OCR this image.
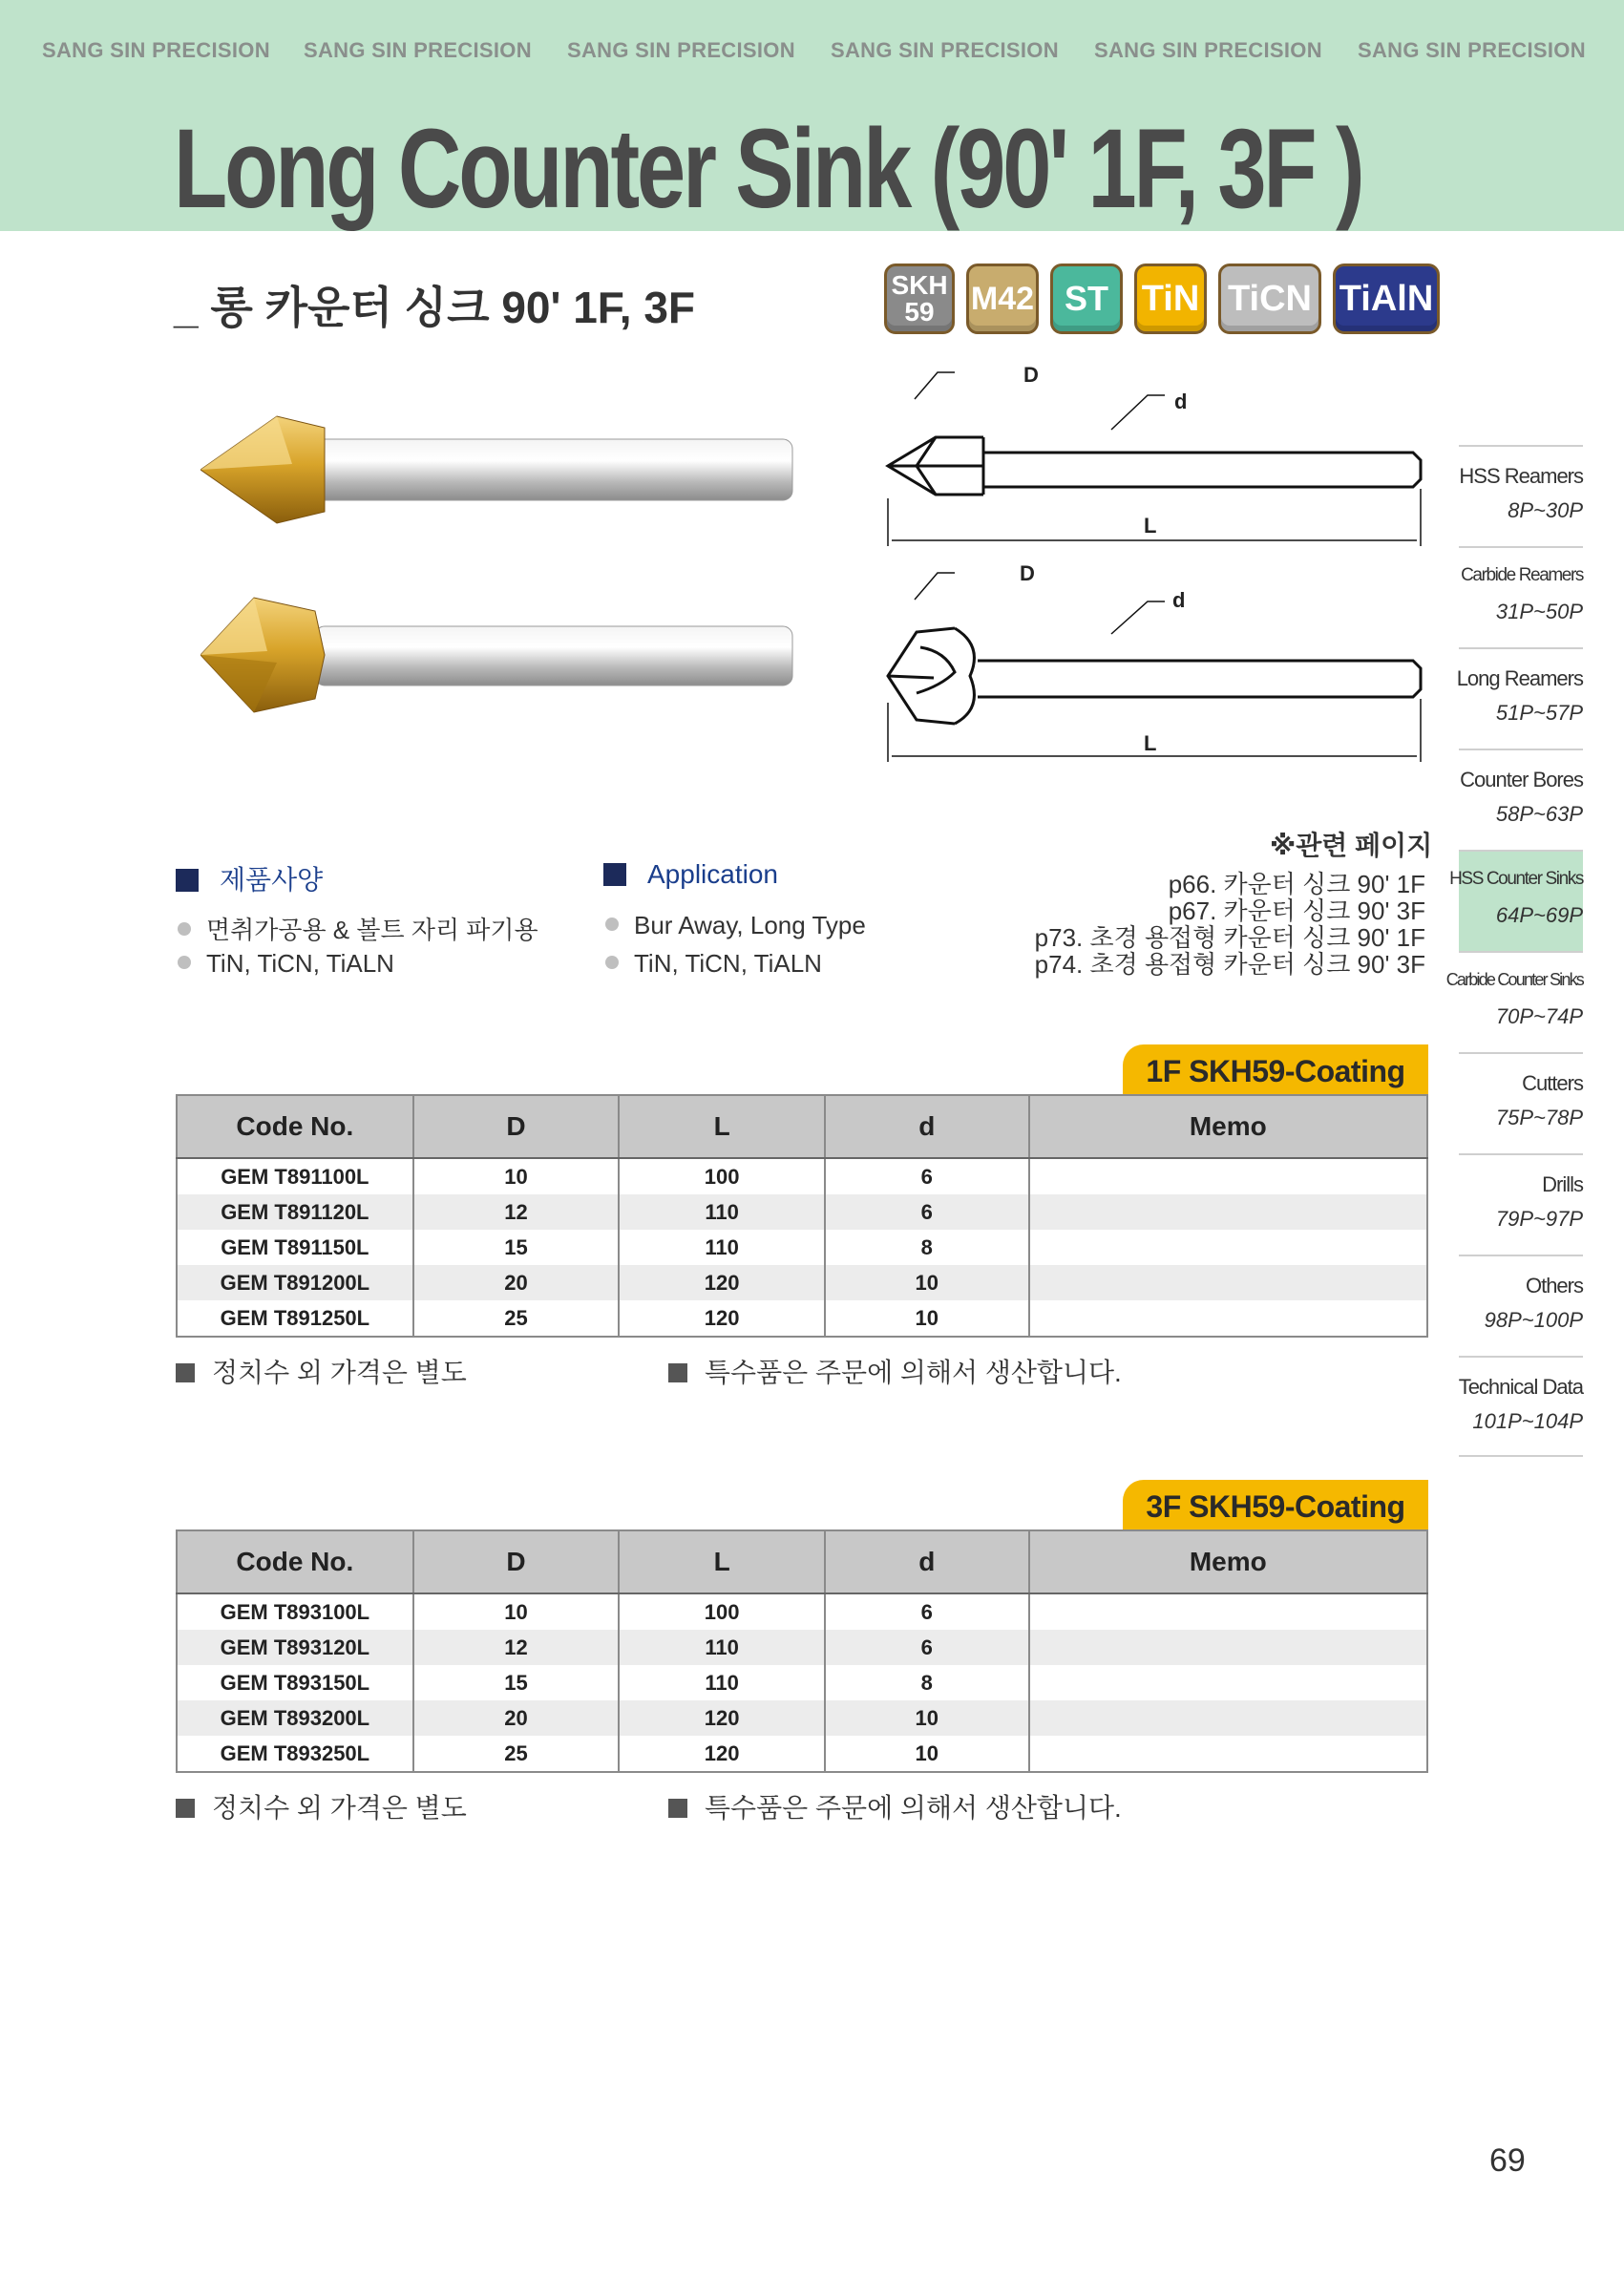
SANG SIN PRECISION SANG SIN PRECISION SANG SIN PRECISION SANG SIN PRECISION SANG SIN PRECISION SANG SIN PRECISION
Long Counter Sink (90' 1F, 3F )
_ 롱 카운터 싱크 90' 1F, 3F	SKH
59 M42 ST TiN TiCN TiAlN
D
d
L
D
d
L
제품사양
면취가공용 & 볼트 자리 파기용
TiN, TiCN, TiALN
Application
Bur Away, Long Type
TiN, TiCN, TiALN
※관련 페이지
p66. 카운터 싱크 90' 1F
p67. 카운터 싱크 90' 3F
p73. 초경 용접형 카운터 싱크 90' 1F
p74. 초경 용접형 카운터 싱크 90' 3F
1F SKH59-Coating
Code No.	D	L	d	Memo
GEM T891100L	10	100	6	
GEM T891120L	12	110	6	
GEM T891150L	15	110	8	
GEM T891200L	20	120	10	
GEM T891250L	25	120	10	
정치수 외 가격은 별도	특수품은 주문에 의해서 생산합니다.
3F SKH59-Coating
Code No.	D	L	d	Memo
GEM T893100L	10	100	6	
GEM T893120L	12	110	6	
GEM T893150L	15	110	8	
GEM T893200L	20	120	10	
GEM T893250L	25	120	10	
정치수 외 가격은 별도	특수품은 주문에 의해서 생산합니다.
HSS Reamers
8P~30P
Carbide Reamers
31P~50P
Long Reamers
51P~57P
Counter Bores
58P~63P
HSS Counter Sinks
64P~69P
Carbide Counter Sinks
70P~74P
Cutters
75P~78P
Drills
79P~97P
Others
98P~100P
Technical Data
101P~104P
69
